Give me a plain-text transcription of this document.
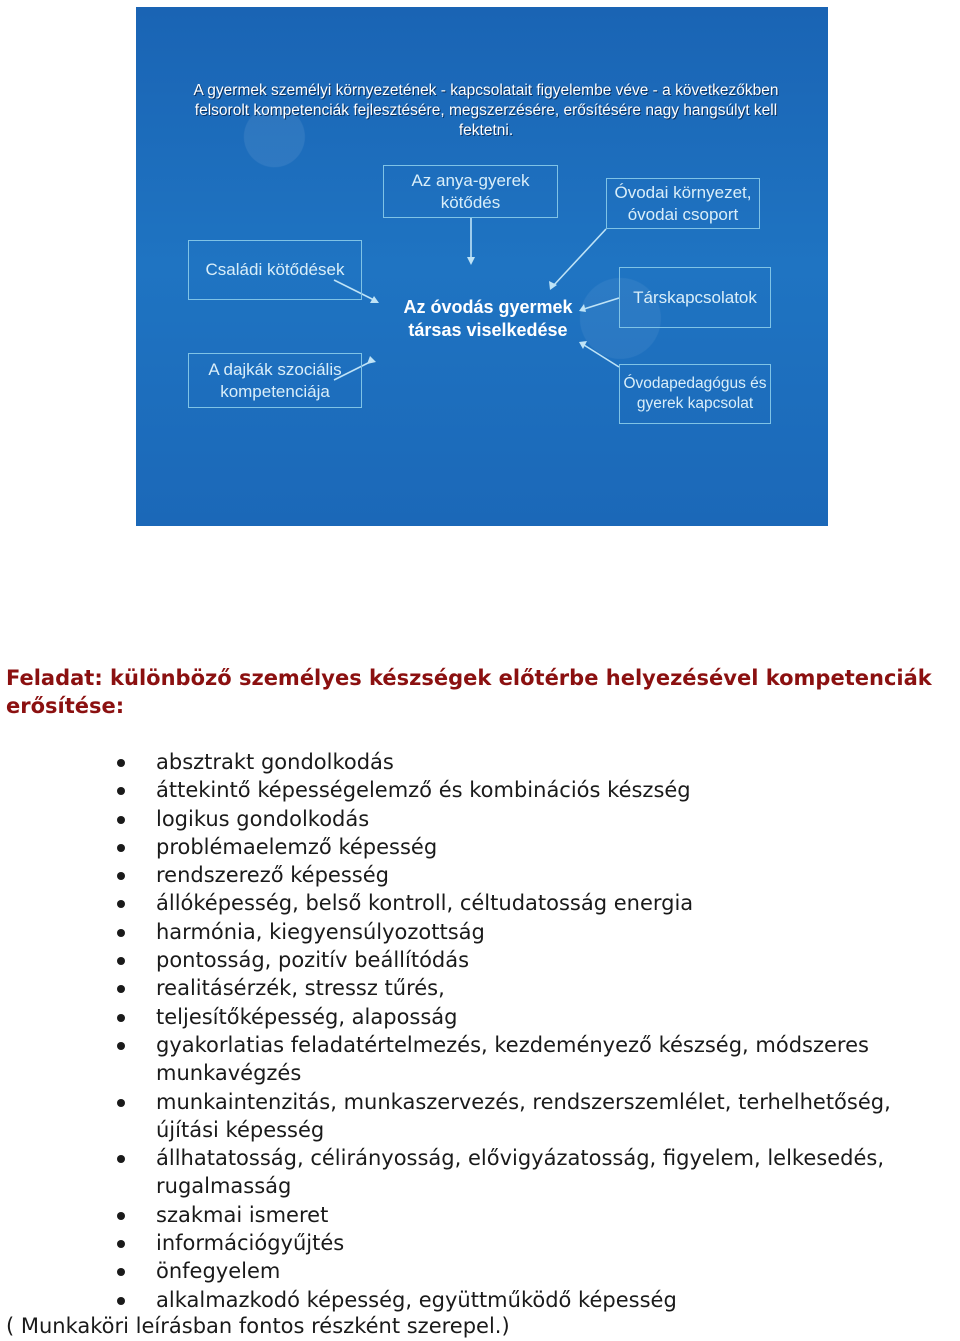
A gyermek személyi környezetének - kapcsolatait figyelembe véve - a következőkben felsorolt kompetenciák fejlesztésére, megszerzésére, erősítésére nagy hangsúlyt kell fektetni.
Az anya-gyerek kötődés
Óvodai környezet, óvodai csoport
Családi kötődések
Az óvodás gyermek társas viselkedése
Társkapcsolatok
A dajkák szociális kompetenciája	Óvodapedagógus és gyerek kapcsolat
Feladat: különböző személyes készségek előtérbe helyezésével kompetenciák erősítése:
absztrakt gondolkodás
áttekintő képességelemző és kombinációs készség
logikus gondolkodás
problémaelemző képesség
rendszerező képesség
állóképesség, belső kontroll, céltudatosság energia
harmónia, kiegyensúlyozottság
pontosság, pozitív beállítódás
realitásérzék, stressz tűrés,
teljesítőképesség, alaposság
gyakorlatias feladatértelmezés, kezdeményező készség, módszeres munkavégzés
munkaintenzitás, munkaszervezés, rendszerszemlélet, terhelhetőség, újítási képesség
állhatatosság, célirányosság, elővigyázatosság, figyelem, lelkesedés, rugalmasság
szakmai ismeret
információgyűjtés
önfegyelem
alkalmazkodó képesség, együttműködő képesség

( Munkaköri leírásban fontos részként szerepel.)
